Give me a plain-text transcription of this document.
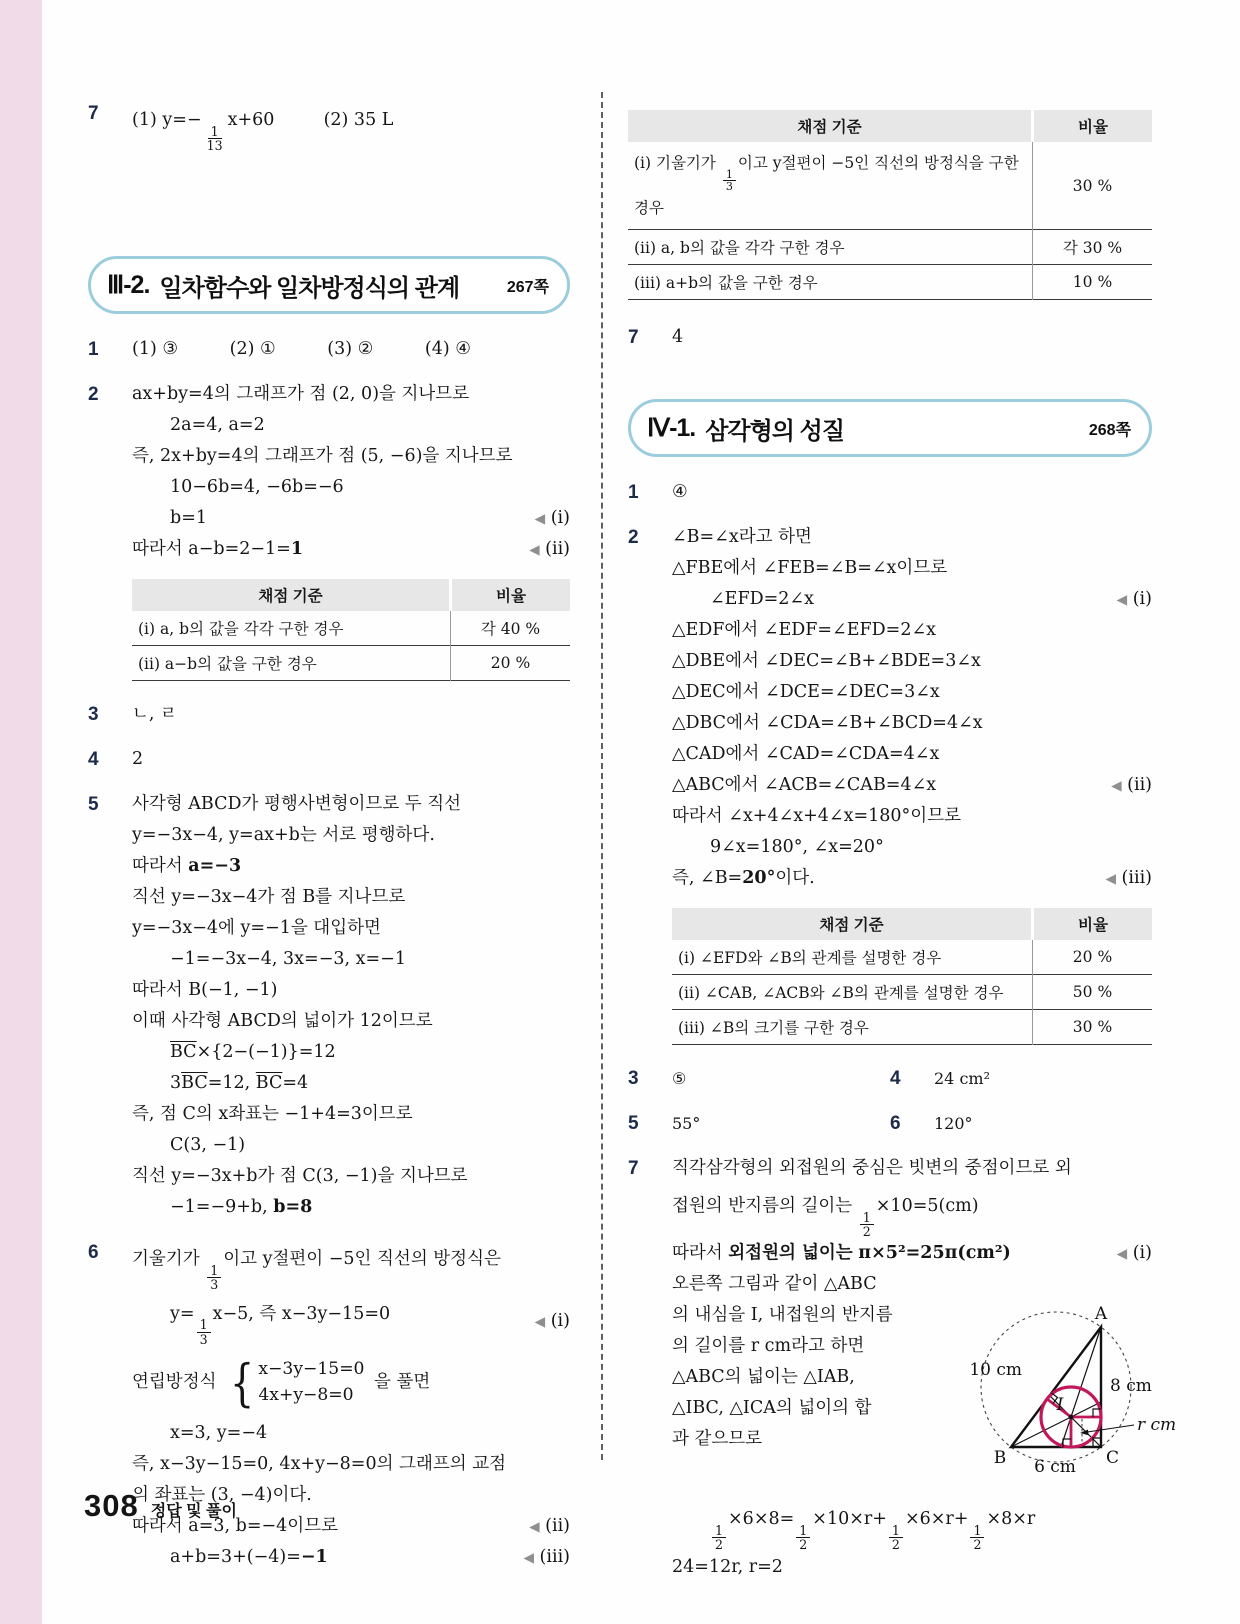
7	(1) y=−
$\frac{1}{13}$
x+60	(2) 35 L
Ⅲ-2. 일차함수와 일차방정식의 관계	267쪽
1	(1) ③	(2) ①	(3) ②	(4) ④
2	ax+by=4의 그래프가 점 (2, 0)을 지나므로
2a=4, a=2
즉, 2x+by=4의 그래프가 점 (5, −6)을 지나므로
10−6b=4, −6b=−6
b=1	◀ (i)
따라서 a−b=2−1=1	◀ (ii)
채점 기준	비율
(i) a, b의 값을 각각 구한 경우	각 40 %
(ii) a−b의 값을 구한 경우	20 %
3	ㄴ, ㄹ
4	2
5	사각형 ABCD가 평행사변형이므로 두 직선
y=−3x−4, y=ax+b는 서로 평행하다.
따라서 a=−3
직선 y=−3x−4가 점 B를 지나므로
y=−3x−4에 y=−1을 대입하면
−1=−3x−4, 3x=−3, x=−1
따라서 B(−1, −1)
이때 사각형 ABCD의 넓이가 12이므로
$\overline{BC}\times\{2-(-1)\}=12$
$3\overline{BC}=12$, $\overline{BC}=4$
즉, 점 C의 x좌표는 −1+4=3이므로
C(3, −1)
직선 y=−3x+b가 점 C(3, −1)을 지나므로
−1=−9+b, b=8
6	기울기가
$\frac{1}{3}$
이고 y절편이 −5인 직선의 방정식은
y=
$\frac{1}{3}$
x−5, 즉 x−3y−15=0	◀ (i)
연립방정식 { x−3y−15=0
4x+y−8=0
을 풀면
x=3, y=−4
즉, x−3y−15=0, 4x+y−8=0의 그래프의 교점
의 좌표는 (3, −4)이다.
따라서 a=3, b=−4이므로	◀ (ii)
a+b=3+(−4)=−1	◀ (iii)
채점 기준	비율
(i) 기울기가
$\frac{1}{3}$
이고 y절편이 −5인 직선의 방정식을 구한 경우	30 %
(ii) a, b의 값을 각각 구한 경우	각 30 %
(iii) a+b의 값을 구한 경우	10 %
7	4
Ⅳ-1. 삼각형의 성질	268쪽
1	④
2	∠B=∠x라고 하면
△FBE에서 ∠FEB=∠B=∠x이므로
∠EFD=2∠x	◀ (i)
△EDF에서 ∠EDF=∠EFD=2∠x
△DBE에서 ∠DEC=∠B+∠BDE=3∠x
△DEC에서 ∠DCE=∠DEC=3∠x
△DBC에서 ∠CDA=∠B+∠BCD=4∠x
△CAD에서 ∠CAD=∠CDA=4∠x
△ABC에서 ∠ACB=∠CAB=4∠x	◀ (ii)
따라서 ∠x+4∠x+4∠x=180°이므로
9∠x=180°, ∠x=20°
즉, ∠B=20°이다.	◀ (iii)
채점 기준	비율
(i) ∠EFD와 ∠B의 관계를 설명한 경우	20 %
(ii) ∠CAB, ∠ACB와 ∠B의 관계를 설명한 경우	50 %
(iii) ∠B의 크기를 구한 경우	30 %
3	⑤	4	24 cm²
5	55°	6	120°
7	직각삼각형의 외접원의 중심은 빗변의 중점이므로 외
접원의 반지름의 길이는
$\frac{1}{2}$
×10=5(cm)
따라서 외접원의 넓이는 π×5²=25π(cm²)	◀ (i)
A
B	C
I
10 cm
8 cm
6 cm
r cm
오른쪽 그림과 같이 △ABC
의 내심을 I, 내접원의 반지름
의 길이를 r cm라고 하면
△ABC의 넓이는 △IAB,
△IBC, △ICA의 넓이의 합
과 같으므로
$\frac{1}{2}$
×6×8=
$\frac{1}{2}$
×10×r+
$\frac{1}{2}$
×6×r+
$\frac{1}{2}$
×8×r
24=12r, r=2
308 정답 및 풀이
